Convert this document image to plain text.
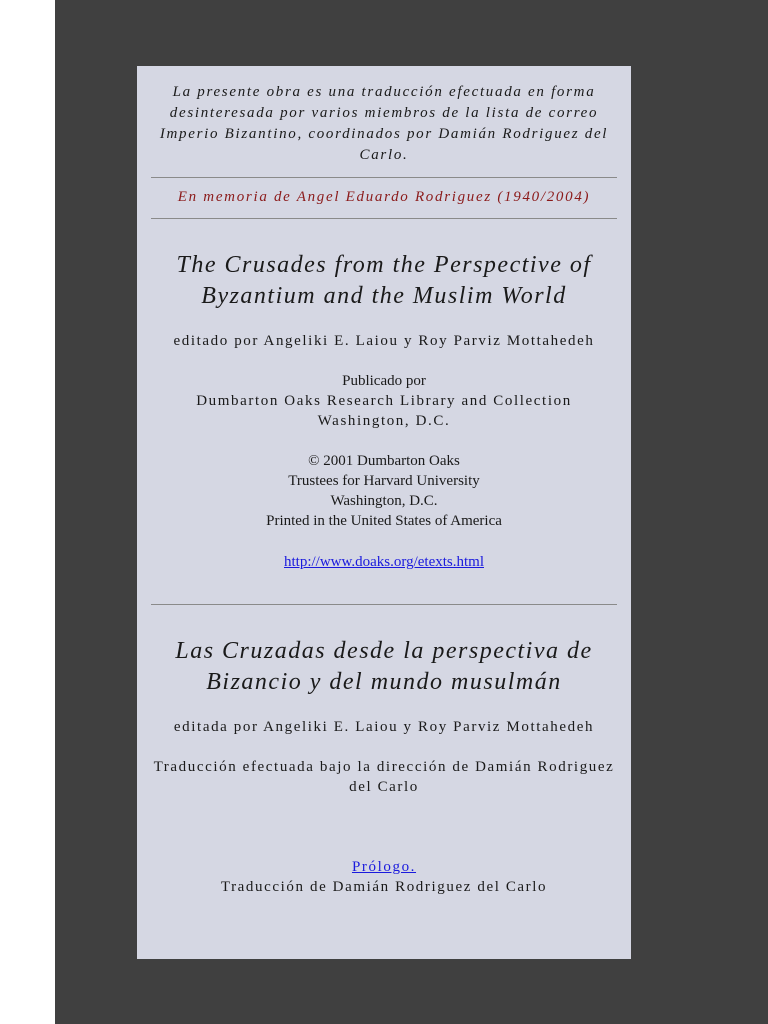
La presente obra es una traducción efectuada en forma desinteresada por varios miembros de la lista de correo Imperio Bizantino, coordinados por Damián Rodriguez del Carlo.

En memoria de Angel Eduardo Rodriguez (1940/2004)

The Crusades from the Perspective of
Byzantium and the Muslim World

editado por Angeliki E. Laiou y Roy Parviz Mottahedeh

Publicado por

Dumbarton Oaks Research Library and Collection

Washington, D.C.

© 2001 Dumbarton Oaks

Trustees for Harvard University

Washington, D.C.

Printed in the United States of America

http://www.doaks.org/etexts.html
Las Cruzadas desde la perspectiva de
Bizancio y del mundo musulmán

editada por Angeliki E. Laiou y Roy Parviz Mottahedeh

Traducción efectuada bajo la dirección de Damián Rodriguez

del Carlo

Prólogo.

Traducción de Damián Rodriguez del Carlo
